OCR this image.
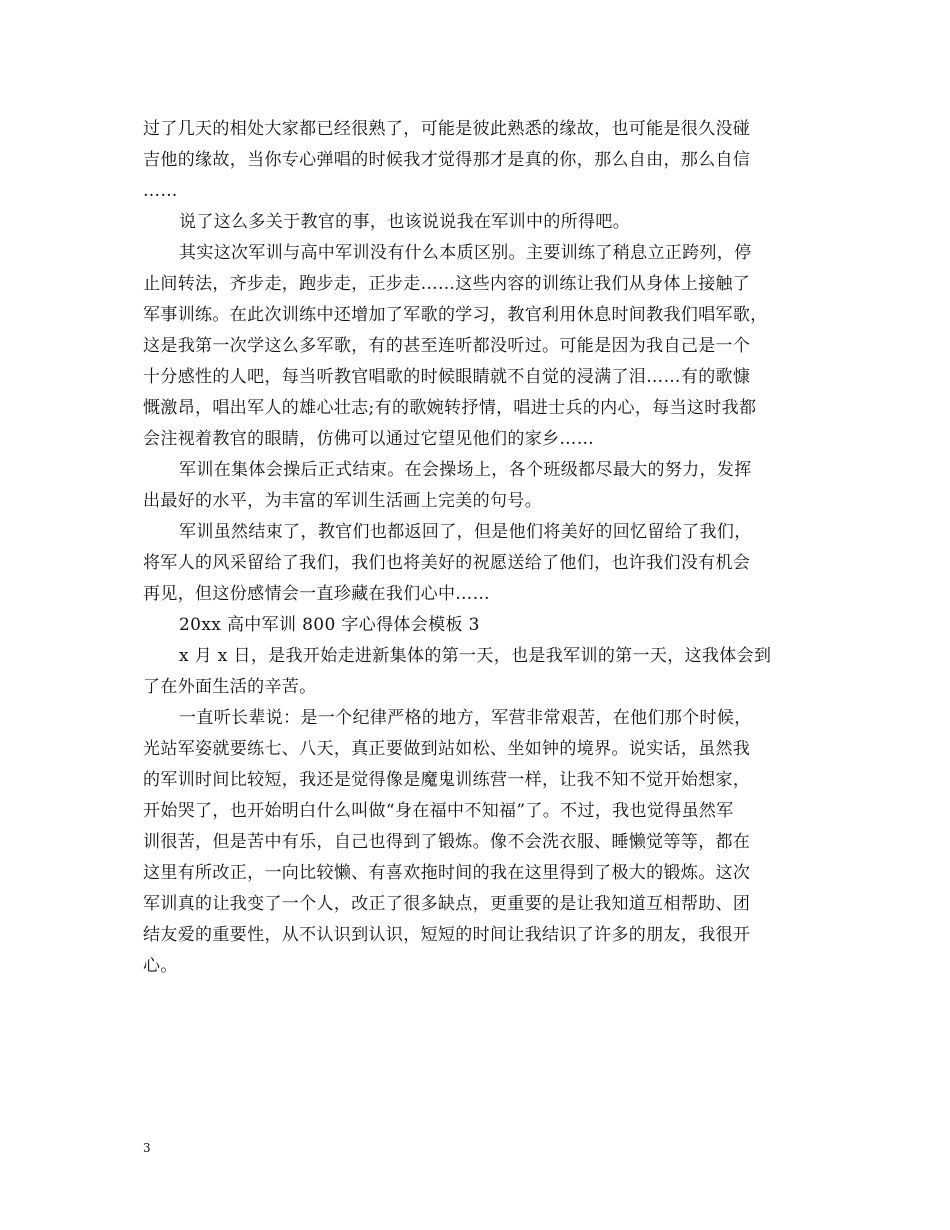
过了几天的相处大家都已经很熟了，可能是彼此熟悉的缘故，也可能是很久没碰
吉他的缘故，当你专心弹唱的时候我才觉得那才是真的你，那么自由，那么自信
……
说了这么多关于教官的事，也该说说我在军训中的所得吧。
其实这次军训与高中军训没有什么本质区别。主要训练了稍息立正跨列，停
止间转法，齐步走，跑步走，正步走……这些内容的训练让我们从身体上接触了
军事训练。在此次训练中还增加了军歌的学习，教官利用休息时间教我们唱军歌，
这是我第一次学这么多军歌，有的甚至连听都没听过。可能是因为我自己是一个
十分感性的人吧，每当听教官唱歌的时候眼睛就不自觉的浸满了泪……有的歌慷
慨激昂，唱出军人的雄心壮志;有的歌婉转抒情，唱进士兵的内心，每当这时我都
会注视着教官的眼睛，仿佛可以通过它望见他们的家乡……
军训在集体会操后正式结束。在会操场上，各个班级都尽最大的努力，发挥
出最好的水平，为丰富的军训生活画上完美的句号。
军训虽然结束了，教官们也都返回了，但是他们将美好的回忆留给了我们，
将军人的风采留给了我们，我们也将美好的祝愿送给了他们，也许我们没有机会
再见，但这份感情会一直珍藏在我们心中……
20xx 高中军训 800 字心得体会模板 3
x 月 x 日，是我开始走进新集体的第一天，也是我军训的第一天，这我体会到
了在外面生活的辛苦。
一直听长辈说：是一个纪律严格的地方，军营非常艰苦，在他们那个时候，
光站军姿就要练七、八天，真正要做到站如松、坐如钟的境界。说实话，虽然我
的军训时间比较短，我还是觉得像是魔鬼训练营一样，让我不知不觉开始想家，
开始哭了，也开始明白什么叫做“身在福中不知福”了。不过，我也觉得虽然军
训很苦，但是苦中有乐，自己也得到了锻炼。像不会洗衣服、睡懒觉等等，都在
这里有所改正，一向比较懒、有喜欢拖时间的我在这里得到了极大的锻炼。这次
军训真的让我变了一个人，改正了很多缺点，更重要的是让我知道互相帮助、团
结友爱的重要性，从不认识到认识，短短的时间让我结识了许多的朋友，我很开
心。
3
